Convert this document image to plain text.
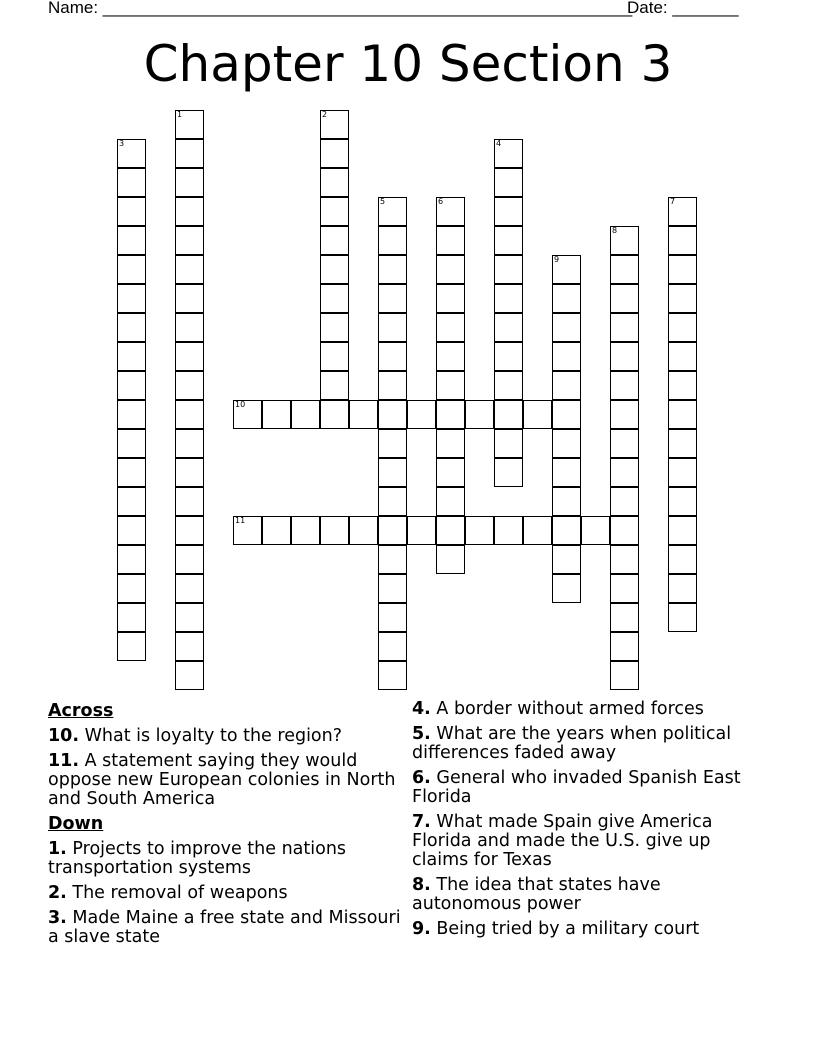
Name: ________________________________________________________
Date: _______
Chapter 10 Section 3
1	2
3	4
5	6	7
8
9
10
11
Across
10. What is loyalty to the region?
11. A statement saying they would oppose new European colonies in North and South America
Down
1. Projects to improve the nations transportation systems
2. The removal of weapons
3. Made Maine a free state and Missouri a slave state
4. A border without armed forces
5. What are the years when political differences faded away
6. General who invaded Spanish East Florida
7. What made Spain give America Florida and made the U.S. give up claims for Texas
8. The idea that states have autonomous power
9. Being tried by a military court
